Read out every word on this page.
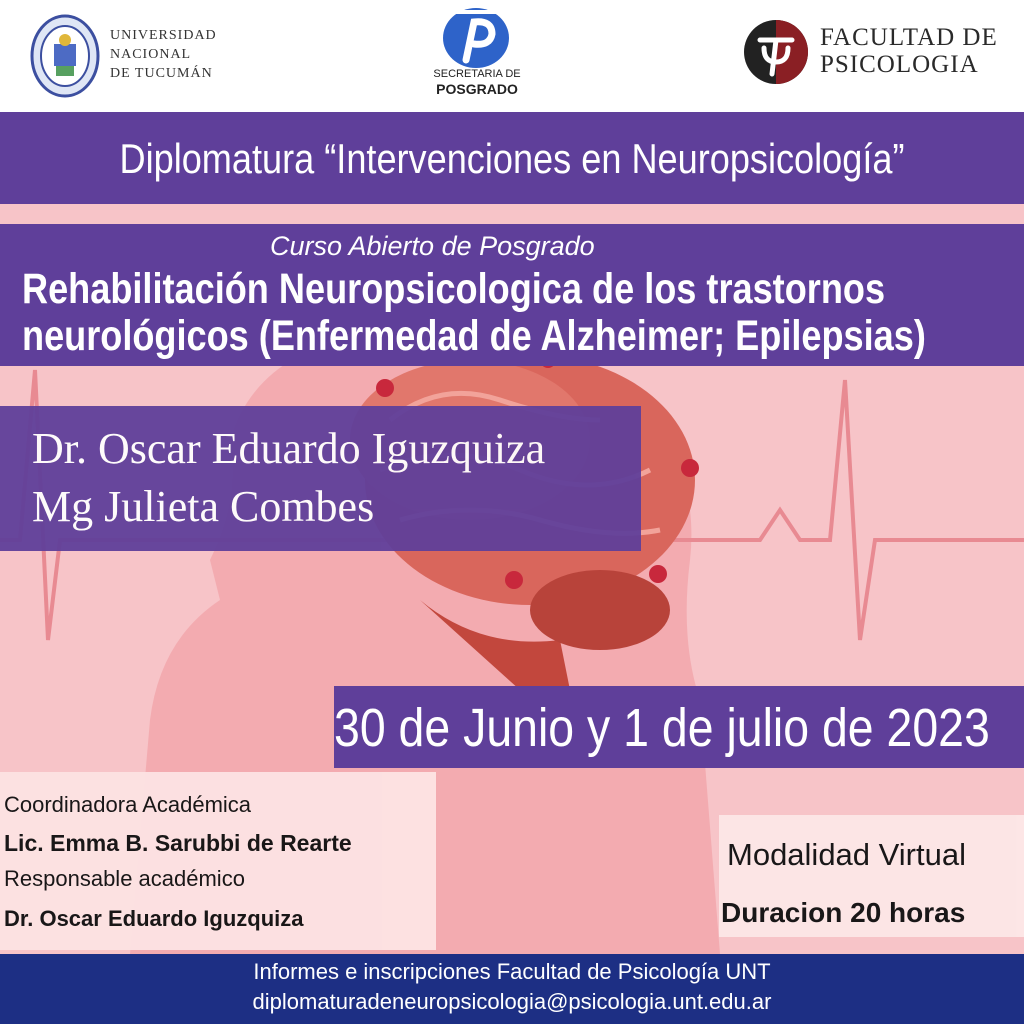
UNIVERSIDAD
NACIONAL
DE TUCUMÁN	SECRETARIA DE
POSGRADO
FACULTAD DE
PSICOLOGIA
Diplomatura “Intervenciones en Neuropsicología”
Curso Abierto de Posgrado
Rehabilitación Neuropsicologica de los trastornos
neurológicos (Enfermedad de Alzheimer; Epilepsias)
Dr. Oscar Eduardo Iguzquiza
Mg Julieta Combes
30 de Junio y 1 de julio de 2023
Coordinadora Académica
Lic. Emma B. Sarubbi de Rearte
Responsable académico
Dr. Oscar Eduardo Iguzquiza
Modalidad Virtual
Duracion 20 horas
Informes e inscripciones Facultad de Psicología UNT
diplomaturadeneuropsicologia@psicologia.unt.edu.ar
